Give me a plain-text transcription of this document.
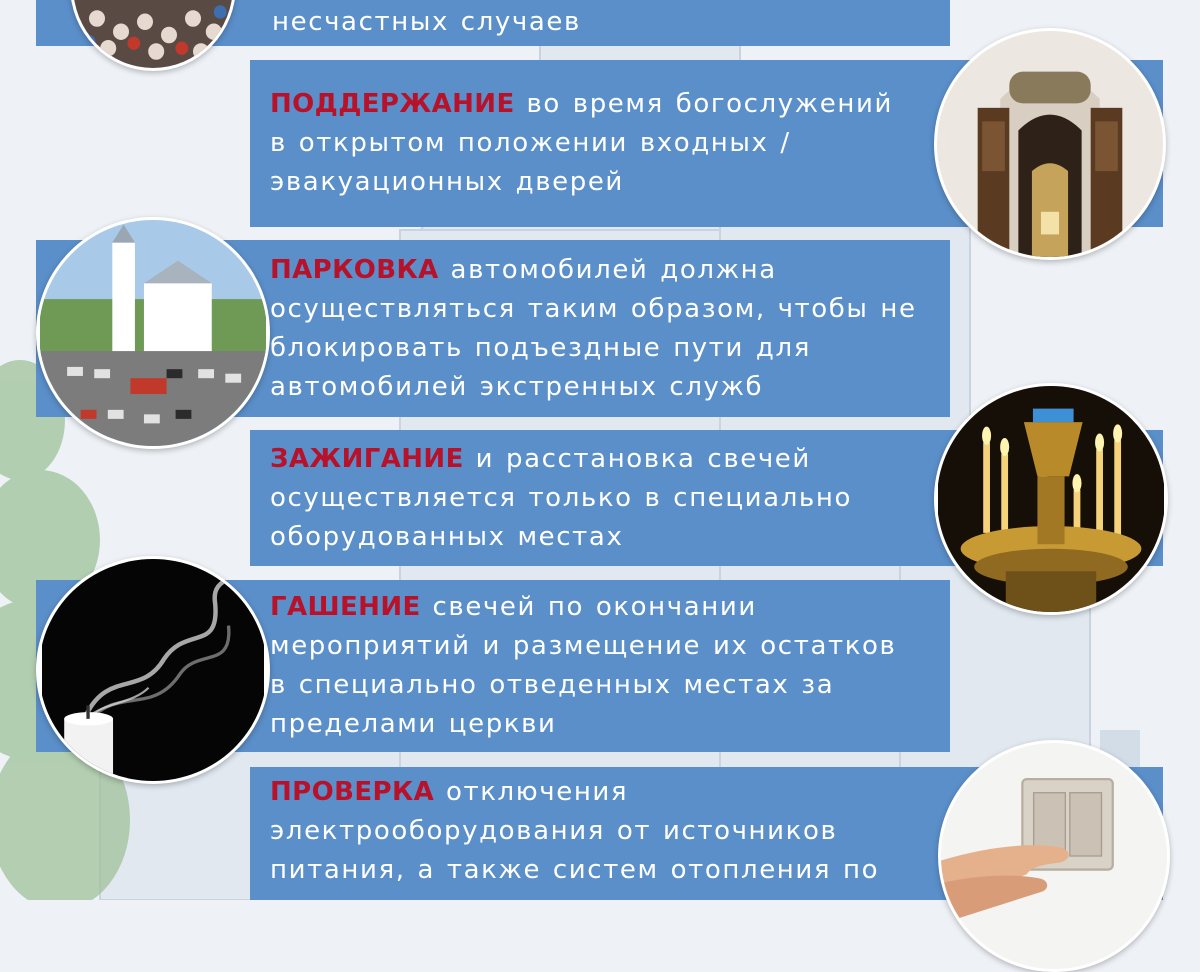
несчастных случаев
ПОДДЕРЖАНИЕ во время богослужений
в открытом положении входных /
эвакуационных дверей
ПАРКОВКА автомобилей должна
осуществляться таким образом, чтобы не
блокировать подъездные пути для
автомобилей экстренных служб
ЗАЖИГАНИЕ и расстановка свечей
осуществляется только в специально
оборудованных местах
ГАШЕНИЕ свечей по окончании
мероприятий и размещение их остатков
в специально отведенных местах за
пределами церкви
ПРОВЕРКА отключения
электрооборудования от источников
питания, а также систем отопления по
